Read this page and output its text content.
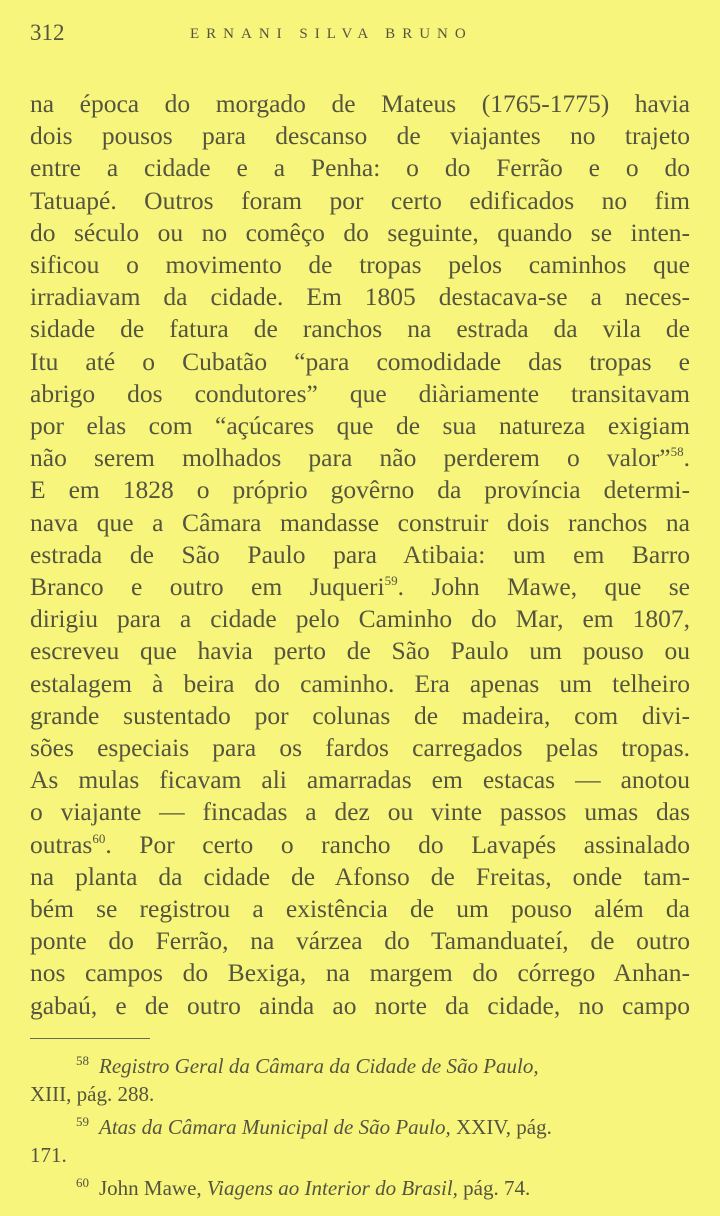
312	ERNANI SILVA BRUNO
na época do morgado de Mateus (1765-1775) havia
dois pousos para descanso de viajantes no trajeto
entre a cidade e a Penha: o do Ferrão e o do
Tatuapé. Outros foram por certo edificados no fim
do século ou no comêço do seguinte, quando se inten-
sificou o movimento de tropas pelos caminhos que
irradiavam da cidade. Em 1805 destacava-se a neces-
sidade de fatura de ranchos na estrada da vila de
Itu até o Cubatão “para comodidade das tropas e
abrigo dos condutores” que diàriamente transitavam
por elas com “açúcares que de sua natureza exigiam
não serem molhados para não perderem o valor”$^{58}$.
E em 1828 o próprio govêrno da província determi-
nava que a Câmara mandasse construir dois ranchos na
estrada de São Paulo para Atibaia: um em Barro
Branco e outro em Juqueri$^{59}$. John Mawe, que se
dirigiu para a cidade pelo Caminho do Mar, em 1807,
escreveu que havia perto de São Paulo um pouso ou
estalagem à beira do caminho. Era apenas um telheiro
grande sustentado por colunas de madeira, com divi-
sões especiais para os fardos carregados pelas tropas.
As mulas ficavam ali amarradas em estacas — anotou
o viajante — fincadas a dez ou vinte passos umas das
outras$^{60}$. Por certo o rancho do Lavapés assinalado
na planta da cidade de Afonso de Freitas, onde tam-
bém se registrou a existência de um pouso além da
ponte do Ferrão, na várzea do Tamanduateí, de outro
nos campos do Bexiga, na margem do córrego Anhan-
gabaú, e de outro ainda ao norte da cidade, no campo
58 Registro Geral da Câmara da Cidade de São Paulo,
XIII, pág. 288.
59 Atas da Câmara Municipal de São Paulo, XXIV, pág.
171.
60 John Mawe, Viagens ao Interior do Brasil, pág. 74.
